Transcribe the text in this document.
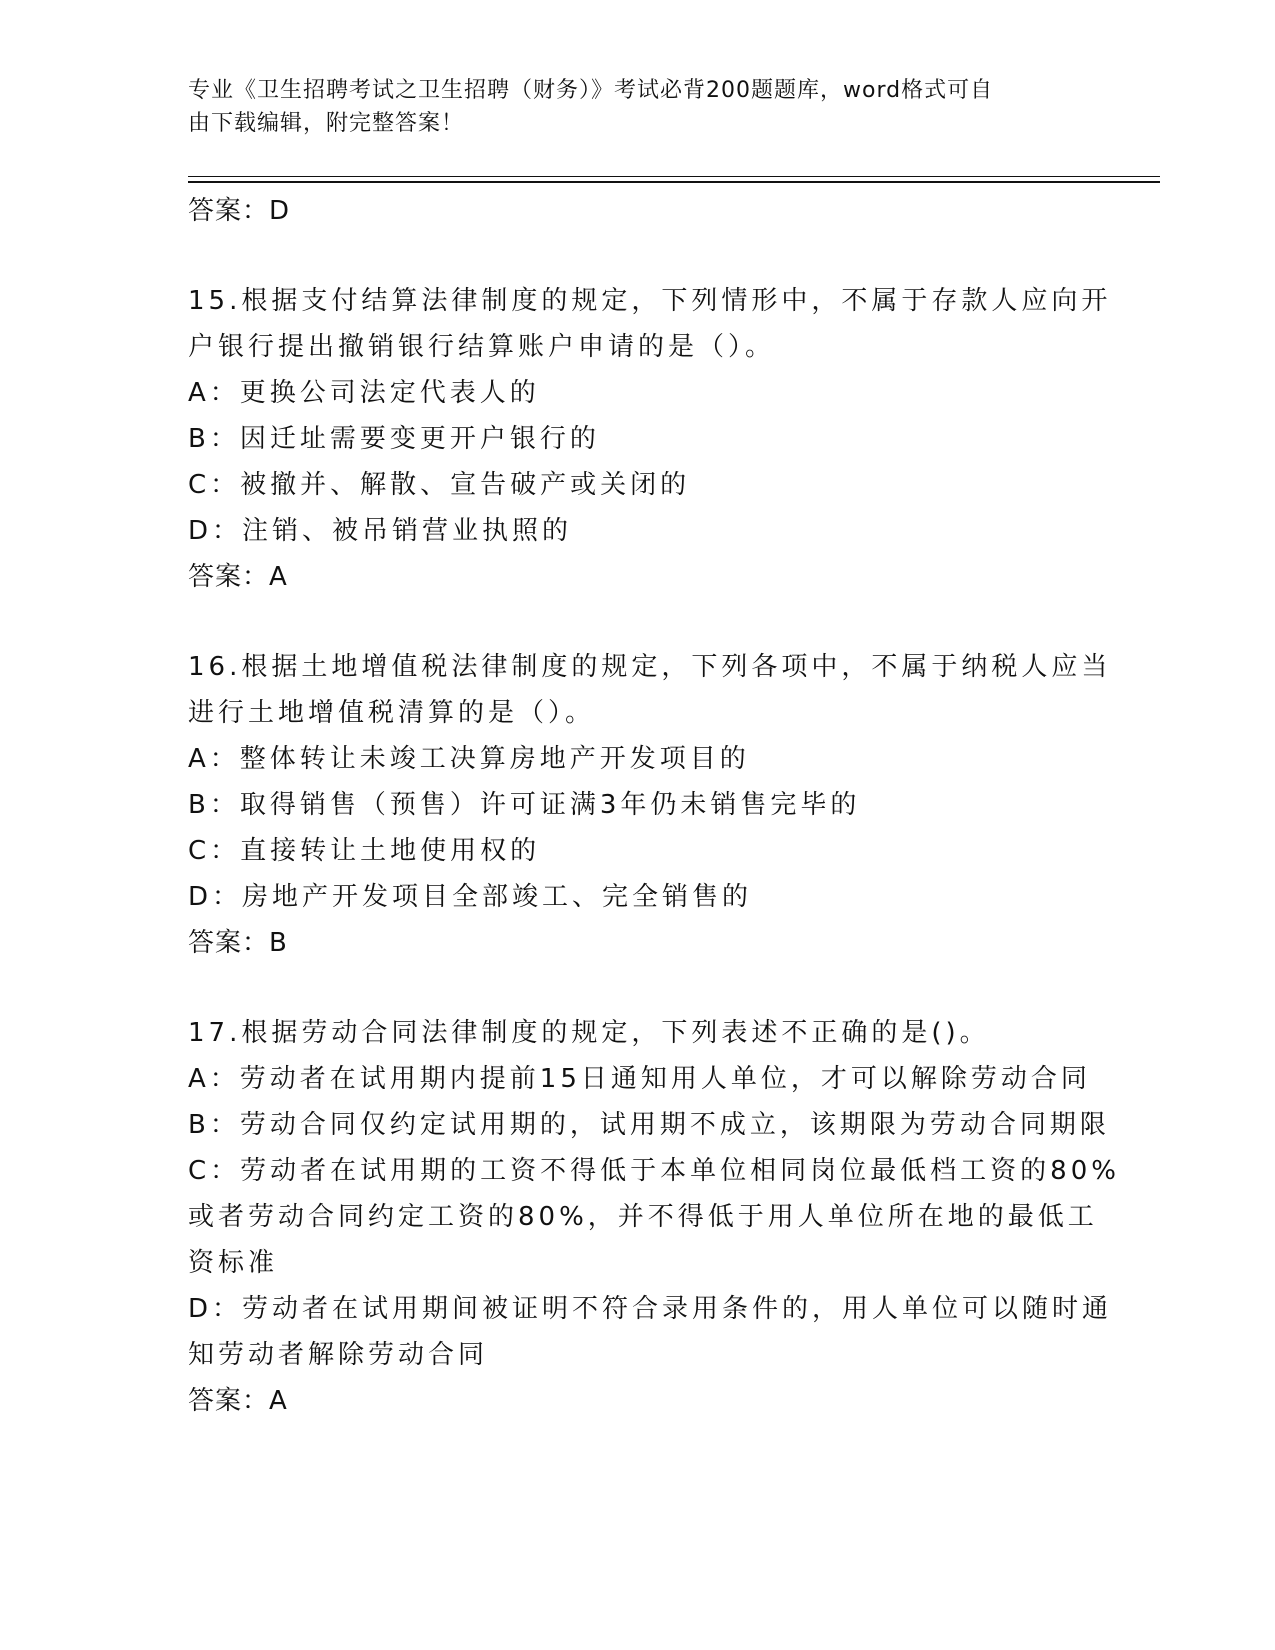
专业《卫生招聘考试之卫生招聘（财务）》考试必背200题题库，word格式可自
由下载编辑，附完整答案！
答案：D
15.根据支付结算法律制度的规定，下列情形中，不属于存款人应向开
户银行提出撤销银行结算账户申请的是（）。
A：更换公司法定代表人的
B：因迁址需要变更开户银行的
C：被撤并、解散、宣告破产或关闭的
D：注销、被吊销营业执照的
答案：A
16.根据土地增值税法律制度的规定，下列各项中，不属于纳税人应当
进行土地增值税清算的是（）。
A：整体转让未竣工决算房地产开发项目的
B：取得销售（预售）许可证满3年仍未销售完毕的
C：直接转让土地使用权的
D：房地产开发项目全部竣工、完全销售的
答案：B
17.根据劳动合同法律制度的规定，下列表述不正确的是()。
A：劳动者在试用期内提前15日通知用人单位，才可以解除劳动合同
B：劳动合同仅约定试用期的，试用期不成立，该期限为劳动合同期限
C：劳动者在试用期的工资不得低于本单位相同岗位最低档工资的80%
或者劳动合同约定工资的80%，并不得低于用人单位所在地的最低工
资标准
D：劳动者在试用期间被证明不符合录用条件的，用人单位可以随时通
知劳动者解除劳动合同
答案：A
